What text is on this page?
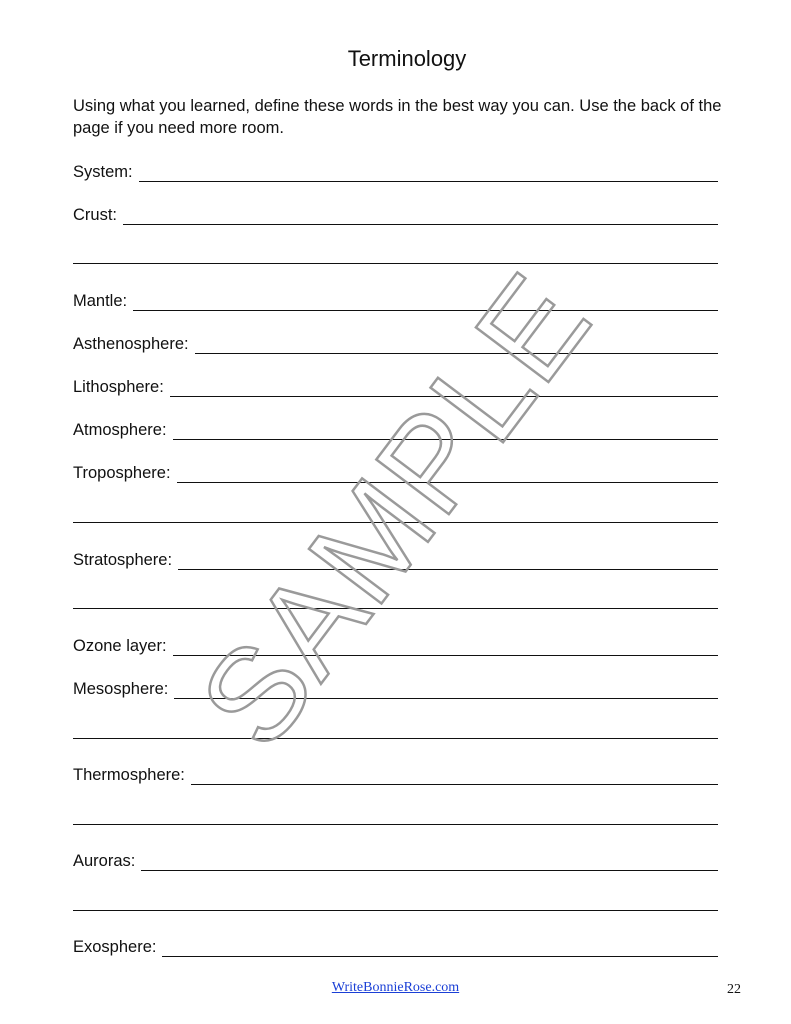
Terminology
Using what you learned, define these words in the best way you can. Use the back of the page if you need more room.
System:
Crust:
Mantle:
Asthenosphere:
Lithosphere:
Atmosphere:
Troposphere:
Stratosphere:
Ozone layer:
Mesosphere:
Thermosphere:
Auroras:
Exosphere:
SAMPLE
WriteBonnieRose.com	22
